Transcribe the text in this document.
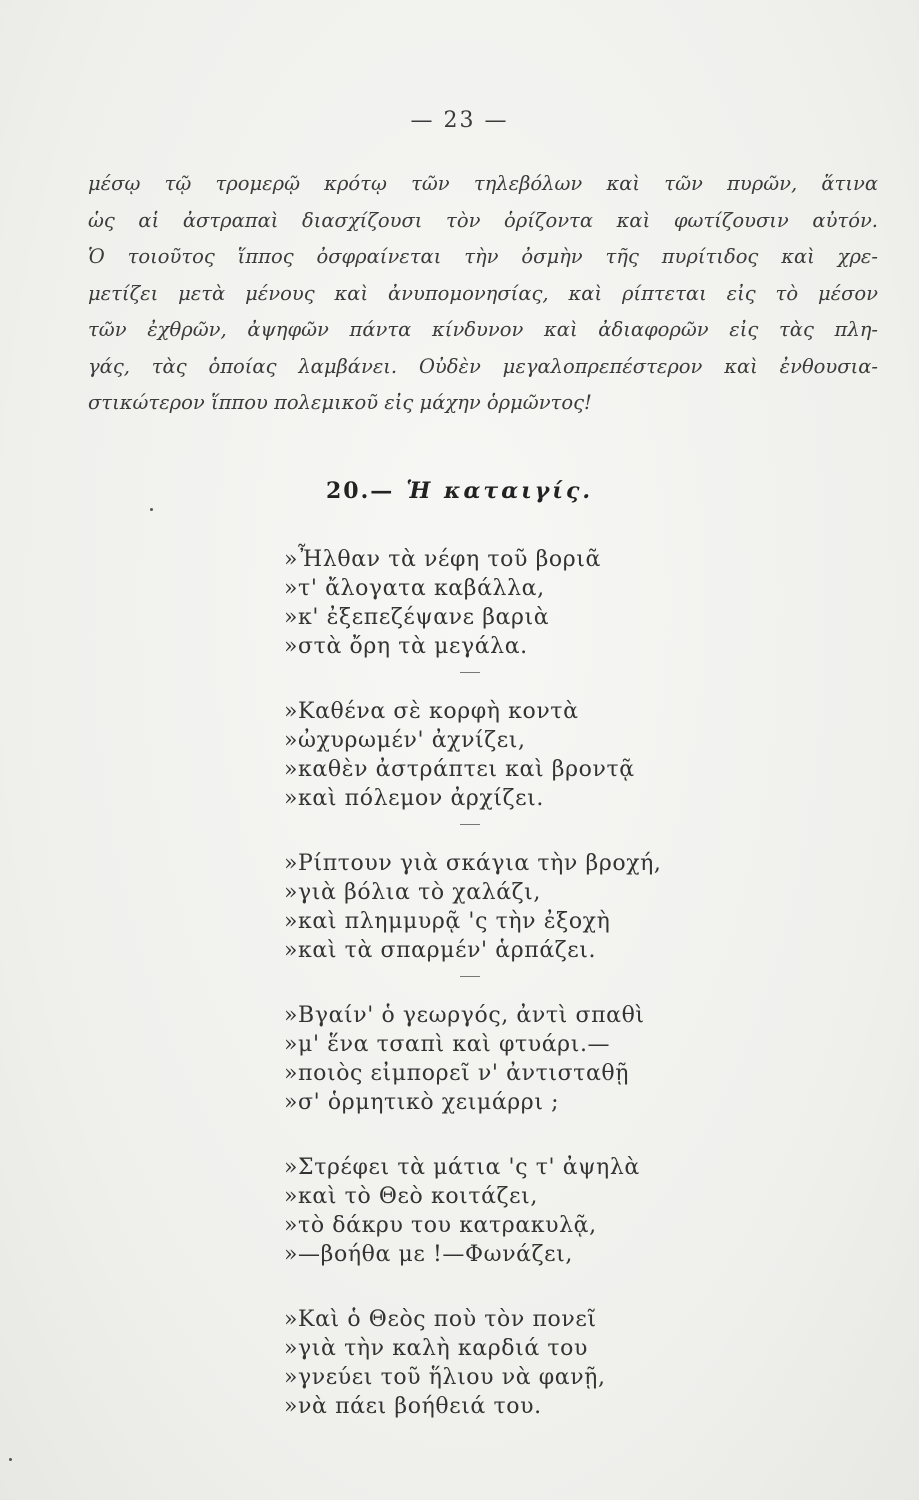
— 23 —
μέσῳ τῷ τρομερῷ κρότῳ τῶν τηλεβόλων καὶ τῶν πυρῶν, ἅτινα
ὡς αἱ ἀστραπαὶ διασχίζουσι τὸν ὁρίζοντα καὶ φωτίζουσιν αὐτόν.
Ὁ τοιοῦτος ἵππος ὀσφραίνεται τὴν ὀσμὴν τῆς πυρίτιδος καὶ χρε-
μετίζει μετὰ μένους καὶ ἀνυπομονησίας, καὶ ρίπτεται εἰς τὸ μέσον
τῶν ἐχθρῶν, ἀψηφῶν πάντα κίνδυνον καὶ ἀδιαφορῶν εἰς τὰς πλη-
γάς, τὰς ὁποίας λαμβάνει. Οὐδὲν μεγαλοπρεπέστερον καὶ ἐνθουσια-
στικώτερον ἵππου πολεμικοῦ εἰς μάχην ὁρμῶντος!
20.— Ἡ καταιγίς.
»Ἦλθαν τὰ νέφη τοῦ βοριᾶ
»τ' ἄλογατα καβάλλα,
»κ' ἐξεπεζέψανε βαριὰ
»στὰ ὄρη τὰ μεγάλα.
»Καθένα σὲ κορφὴ κοντὰ
»ὠχυρωμέν' ἀχνίζει,
»καθὲν ἀστράπτει καὶ βροντᾷ
»καὶ πόλεμον ἀρχίζει.
»Ρίπτουν γιὰ σκάγια τὴν βροχή,
»γιὰ βόλια τὸ χαλάζι,
»καὶ πλημμυρᾷ 'ς τὴν ἐξοχὴ
»καὶ τὰ σπαρμέν' ἁρπάζει.
»Βγαίν' ὁ γεωργός, ἀντὶ σπαθὶ
»μ' ἕνα τσαπὶ καὶ φτυάρι.—
»ποιὸς εἰμπορεῖ ν' ἀντισταθῇ
»σ' ὁρμητικὸ χειμάρρι ;
»Στρέφει τὰ μάτια 'ς τ' ἀψηλὰ
»καὶ τὸ Θεὸ κοιτάζει,
»τὸ δάκρυ του κατρακυλᾷ,
»—βοήθα με !—Φωνάζει,
»Καὶ ὁ Θεὸς ποὺ τὸν πονεῖ
»γιὰ τὴν καλὴ καρδιά του
»γνεύει τοῦ ἥλιου νὰ φανῇ,
»νὰ πάει βοήθειά του.
